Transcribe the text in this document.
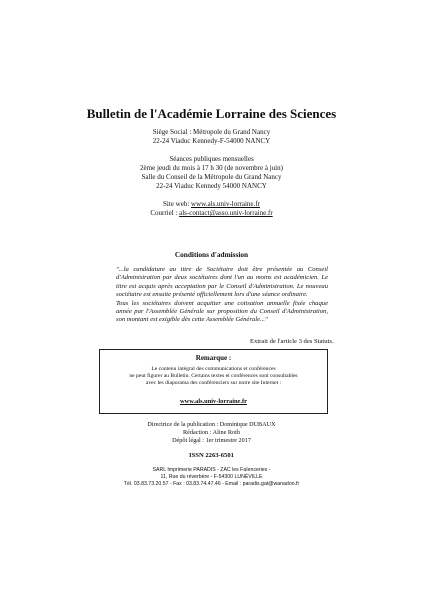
Bulletin de l'Académie Lorraine des Sciences
Siège Social : Métropole du Grand Nancy
22-24 Viaduc Kennedy-F-54000 NANCY
Séances publiques mensuelles
2ème jeudi du mois à 17 h 30 (de novembre à juin)
Salle du Conseil de la Métropole du Grand Nancy
22-24 Viaduc Kennedy 54000 NANCY
Site web: www.als.univ-lorraine.fr
Courriel : als-contact@asso.univ-lorraine.fr
Conditions d'admission

"...la candidature au titre de Sociétaire doit être présentée au Conseil d'Administration par deux sociétaires dont l'un au moins est académicien. Le titre est acquis après acceptation par le Conseil d'Administration. Le nouveau sociétaire est ensuite présenté officiellement lors d'une séance ordinaire.

Tous les sociétaires doivent acquitter une cotisation annuelle fixée chaque année par l'Assemblée Générale sur proposition du Conseil d'Administration, son montant est exigible dès cette Assemblée Générale..."

Extrait de l'article 3 des Statuts.
Remarque :
Le contenu intégral des communications et conférences
ne peut figurer au Bulletin. Certains textes et conférences sont consultables
avec les diaporama des conférenciers sur notre site Internet :
www.als.univ-lorraine.fr
Directrice de la publication : Dominique DUBAUX
Rédaction : Aline Roth
Dépôt légal : 1er trimestre 2017
ISSN 2263-6501
SARL Imprimerie PARADIS - ZAC les Faïenceries -
11, Rue du réverbère - F-54300 LUNÉVILLE
Tél. 03.83.73.20.57 - Fax : 03.83.74.47.46 - Email : paradis.gat@wanadoo.fr
